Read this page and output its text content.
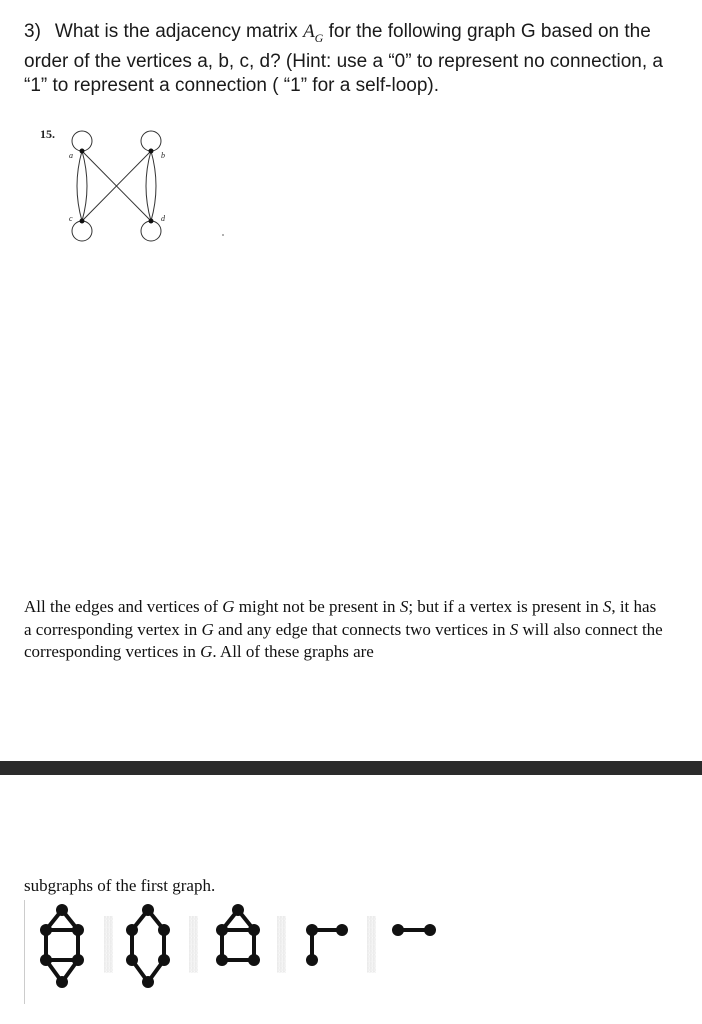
3) What is the adjacency matrix $A_G$ for the following graph G based on the order of the vertices a, b, c, d? (Hint: use a “0” to represent no connection, a “1” to represent a connection ( “1” for a self-loop).
15.
a	b
c	d
All the edges and vertices of G might not be present in S; but if a vertex is present in S, it has a corresponding vertex in G and any edge that connects two vertices in S will also connect the corresponding vertices in G. All of these graphs are
subgraphs of the first graph.
▒▒▒▒▒▒▒▒▒▒	▒▒▒▒▒▒▒▒▒▒	▒▒▒▒▒▒▒▒▒▒	▒▒▒▒▒▒▒▒▒▒
